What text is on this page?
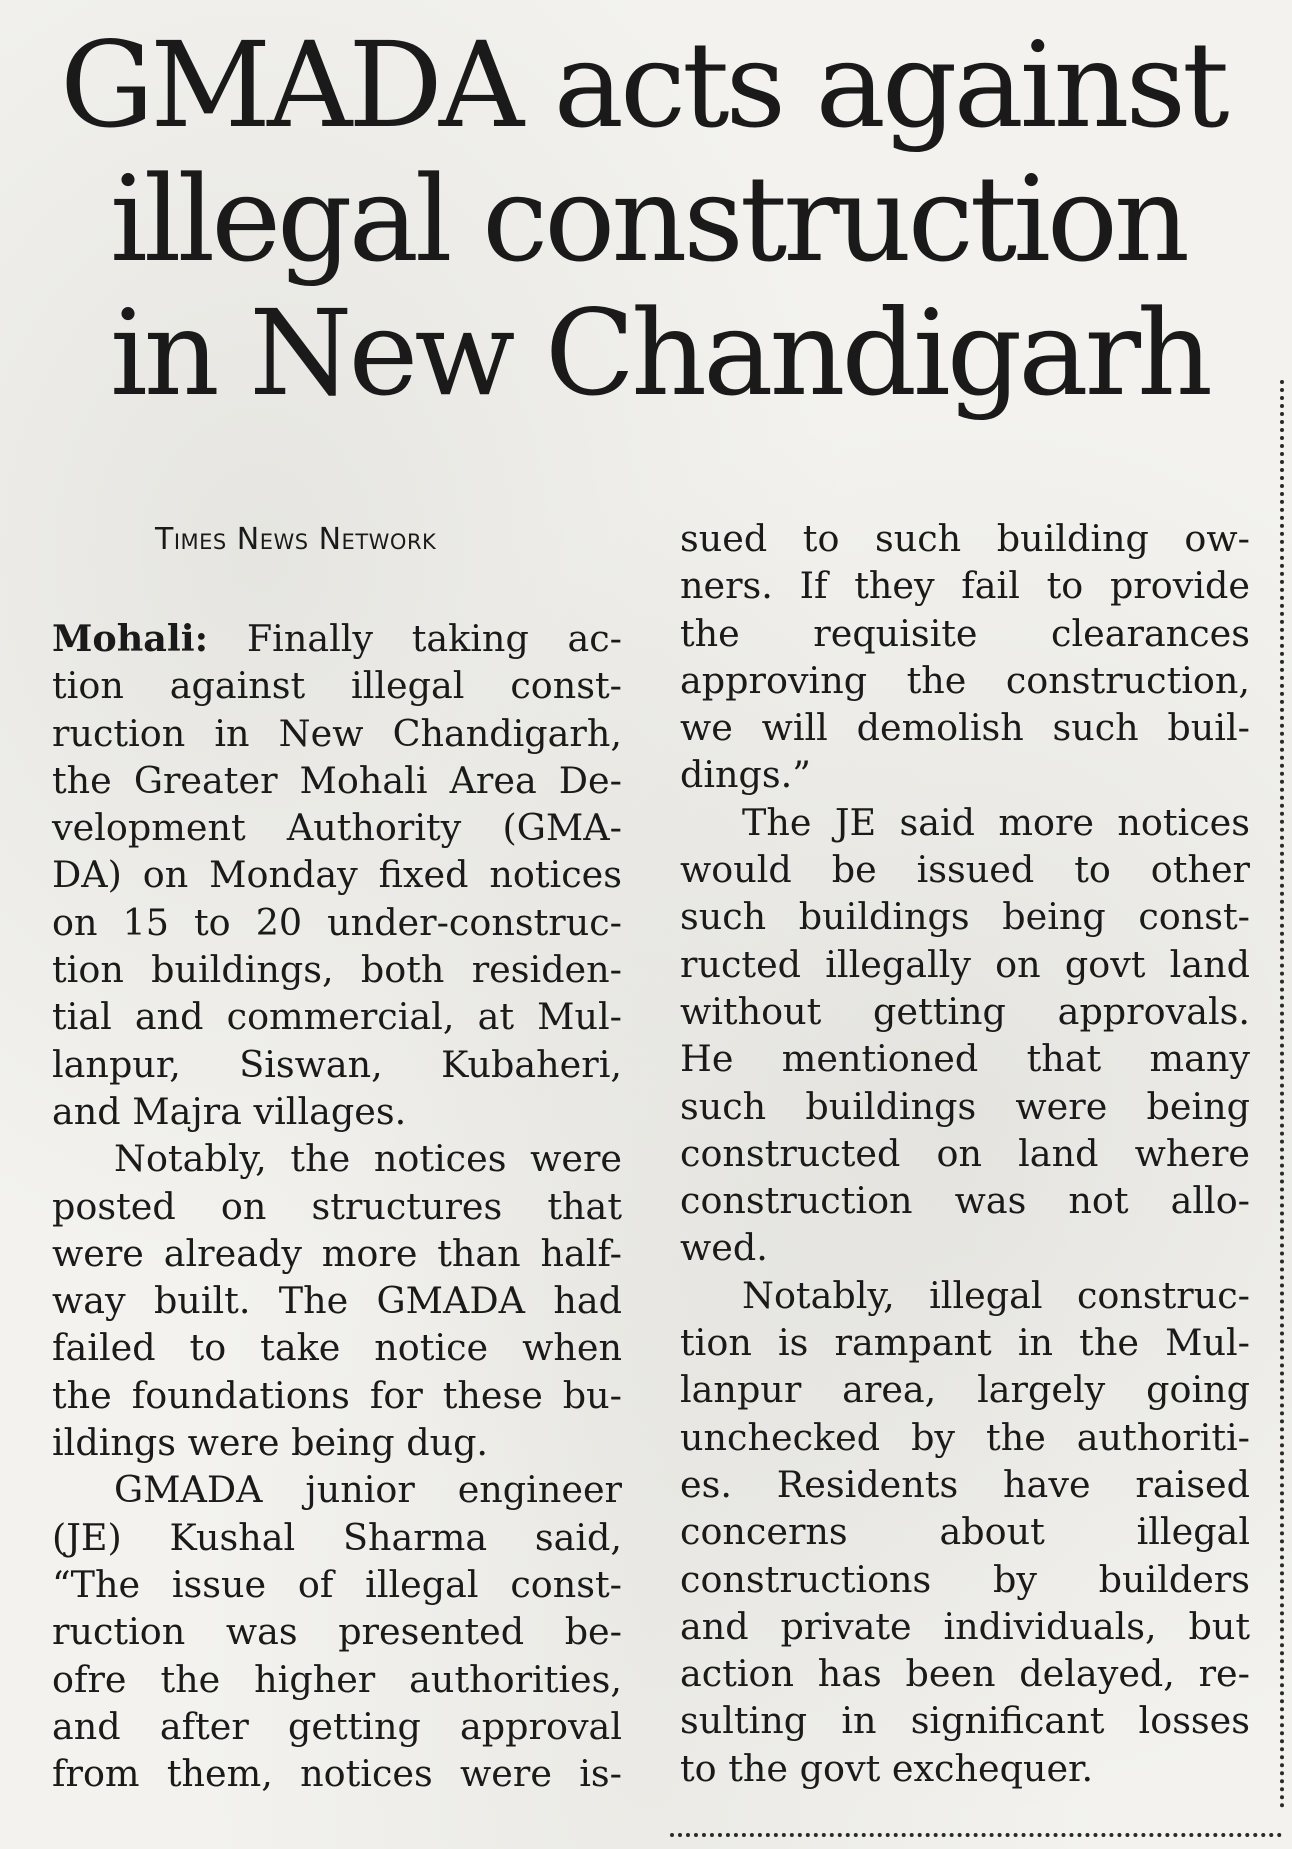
GMADA acts against
illegal construction
in New Chandigarh
Times News Network
Mohali: Finally taking ac-
tion against illegal const-
ruction in New Chandigarh,
the Greater Mohali Area De-
velopment Authority (GMA-
DA) on Monday fixed notices
on 15 to 20 under-construc-
tion buildings, both residen-
tial and commercial, at Mul-
lanpur, Siswan, Kubaheri,
and Majra villages.
Notably, the notices were
posted on structures that
were already more than half-
way built. The GMADA had
failed to take notice when
the foundations for these bu-
ildings were being dug.
GMADA junior engineer
(JE) Kushal Sharma said,
“The issue of illegal const-
ruction was presented be-
ofre the higher authorities,
and after getting approval
from them, notices were is-
sued to such building ow-
ners. If they fail to provide
the requisite clearances
approving the construction,
we will demolish such buil-
dings.”
The JE said more notices
would be issued to other
such buildings being const-
ructed illegally on govt land
without getting approvals.
He mentioned that many
such buildings were being
constructed on land where
construction was not allo-
wed.
Notably, illegal construc-
tion is rampant in the Mul-
lanpur area, largely going
unchecked by the authoriti-
es. Residents have raised
concerns about illegal
constructions by builders
and private individuals, but
action has been delayed, re-
sulting in significant losses
to the govt exchequer.
